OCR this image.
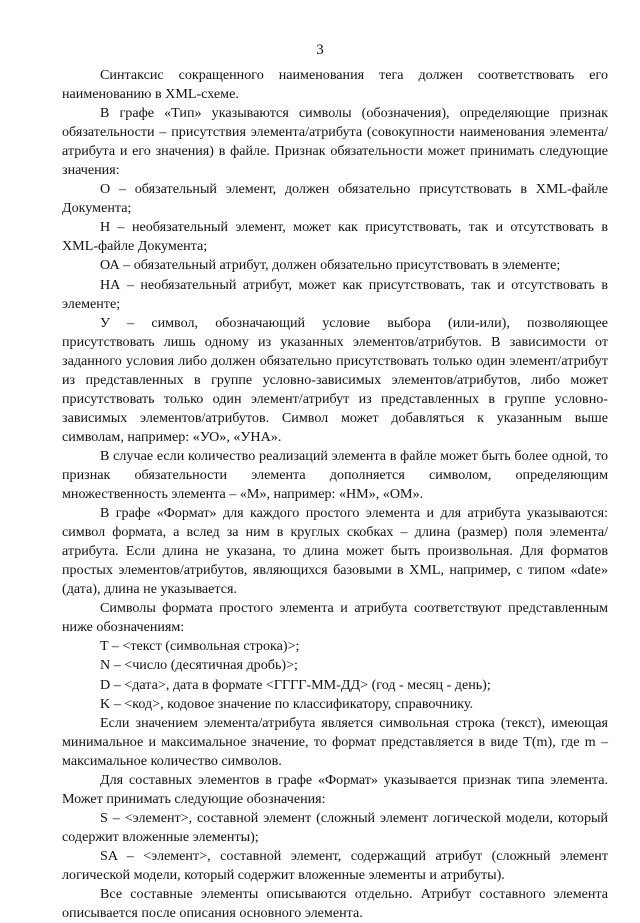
3

Синтаксис сокращенного наименования тега должен соответствовать его наименованию в XML-схеме.

В графе «Тип» указываются символы (обозначения), определяющие признак обязательности – присутствия элемента/атрибута (совокупности наименования элемента/атрибута и его значения) в файле. Признак обязательности может принимать следующие значения:

О – обязательный элемент, должен обязательно присутствовать в XML-файле Документа;

Н – необязательный элемент, может как присутствовать, так и отсутствовать в XML-файле Документа;

ОА – обязательный атрибут, должен обязательно присутствовать в элементе;

НА – необязательный атрибут, может как присутствовать, так и отсутствовать в элементе;

У – символ, обозначающий условие выбора (или-или), позволяющее присутствовать лишь одному из указанных элементов/атрибутов. В зависимости от заданного условия либо должен обязательно присутствовать только один элемент/атрибут из представленных в группе условно-зависимых элементов/атрибутов, либо может присутствовать только один элемент/атрибут из представленных в группе условно-зависимых элементов/атрибутов. Символ может добавляться к указанным выше символам, например: «УО», «УНА».

В случае если количество реализаций элемента в файле может быть более одной, то признак обязательности элемента дополняется символом, определяющим множественность элемента – «М», например: «НМ», «ОМ».

В графе «Формат» для каждого простого элемента и для атрибута указываются: символ формата, а вслед за ним в круглых скобках – длина (размер) поля элемента/атрибута. Если длина не указана, то длина может быть произвольная. Для форматов простых элементов/атрибутов, являющихся базовыми в XML, например, с типом «date» (дата), длина не указывается.

Символы формата простого элемента и атрибута соответствуют представленным ниже обозначениям:

T – <текст (символьная строка)>;

N – <число (десятичная дробь)>;

D – <дата>, дата в формате <ГГГГ-ММ-ДД> (год - месяц - день);

K – <код>, кодовое значение по классификатору, справочнику.

Если значением элемента/атрибута является символьная строка (текст), имеющая минимальное и максимальное значение, то формат представляется в виде T(m), где m – максимальное количество символов.

Для составных элементов в графе «Формат» указывается признак типа элемента. Может принимать следующие обозначения:

S – <элемент>, составной элемент (сложный элемент логической модели, который содержит вложенные элементы);

SA – <элемент>, составной элемент, содержащий атрибут (сложный элемент логической модели, который содержит вложенные элементы и атрибуты).

Все составные элементы описываются отдельно. Атрибут составного элемента описывается после описания основного элемента.
